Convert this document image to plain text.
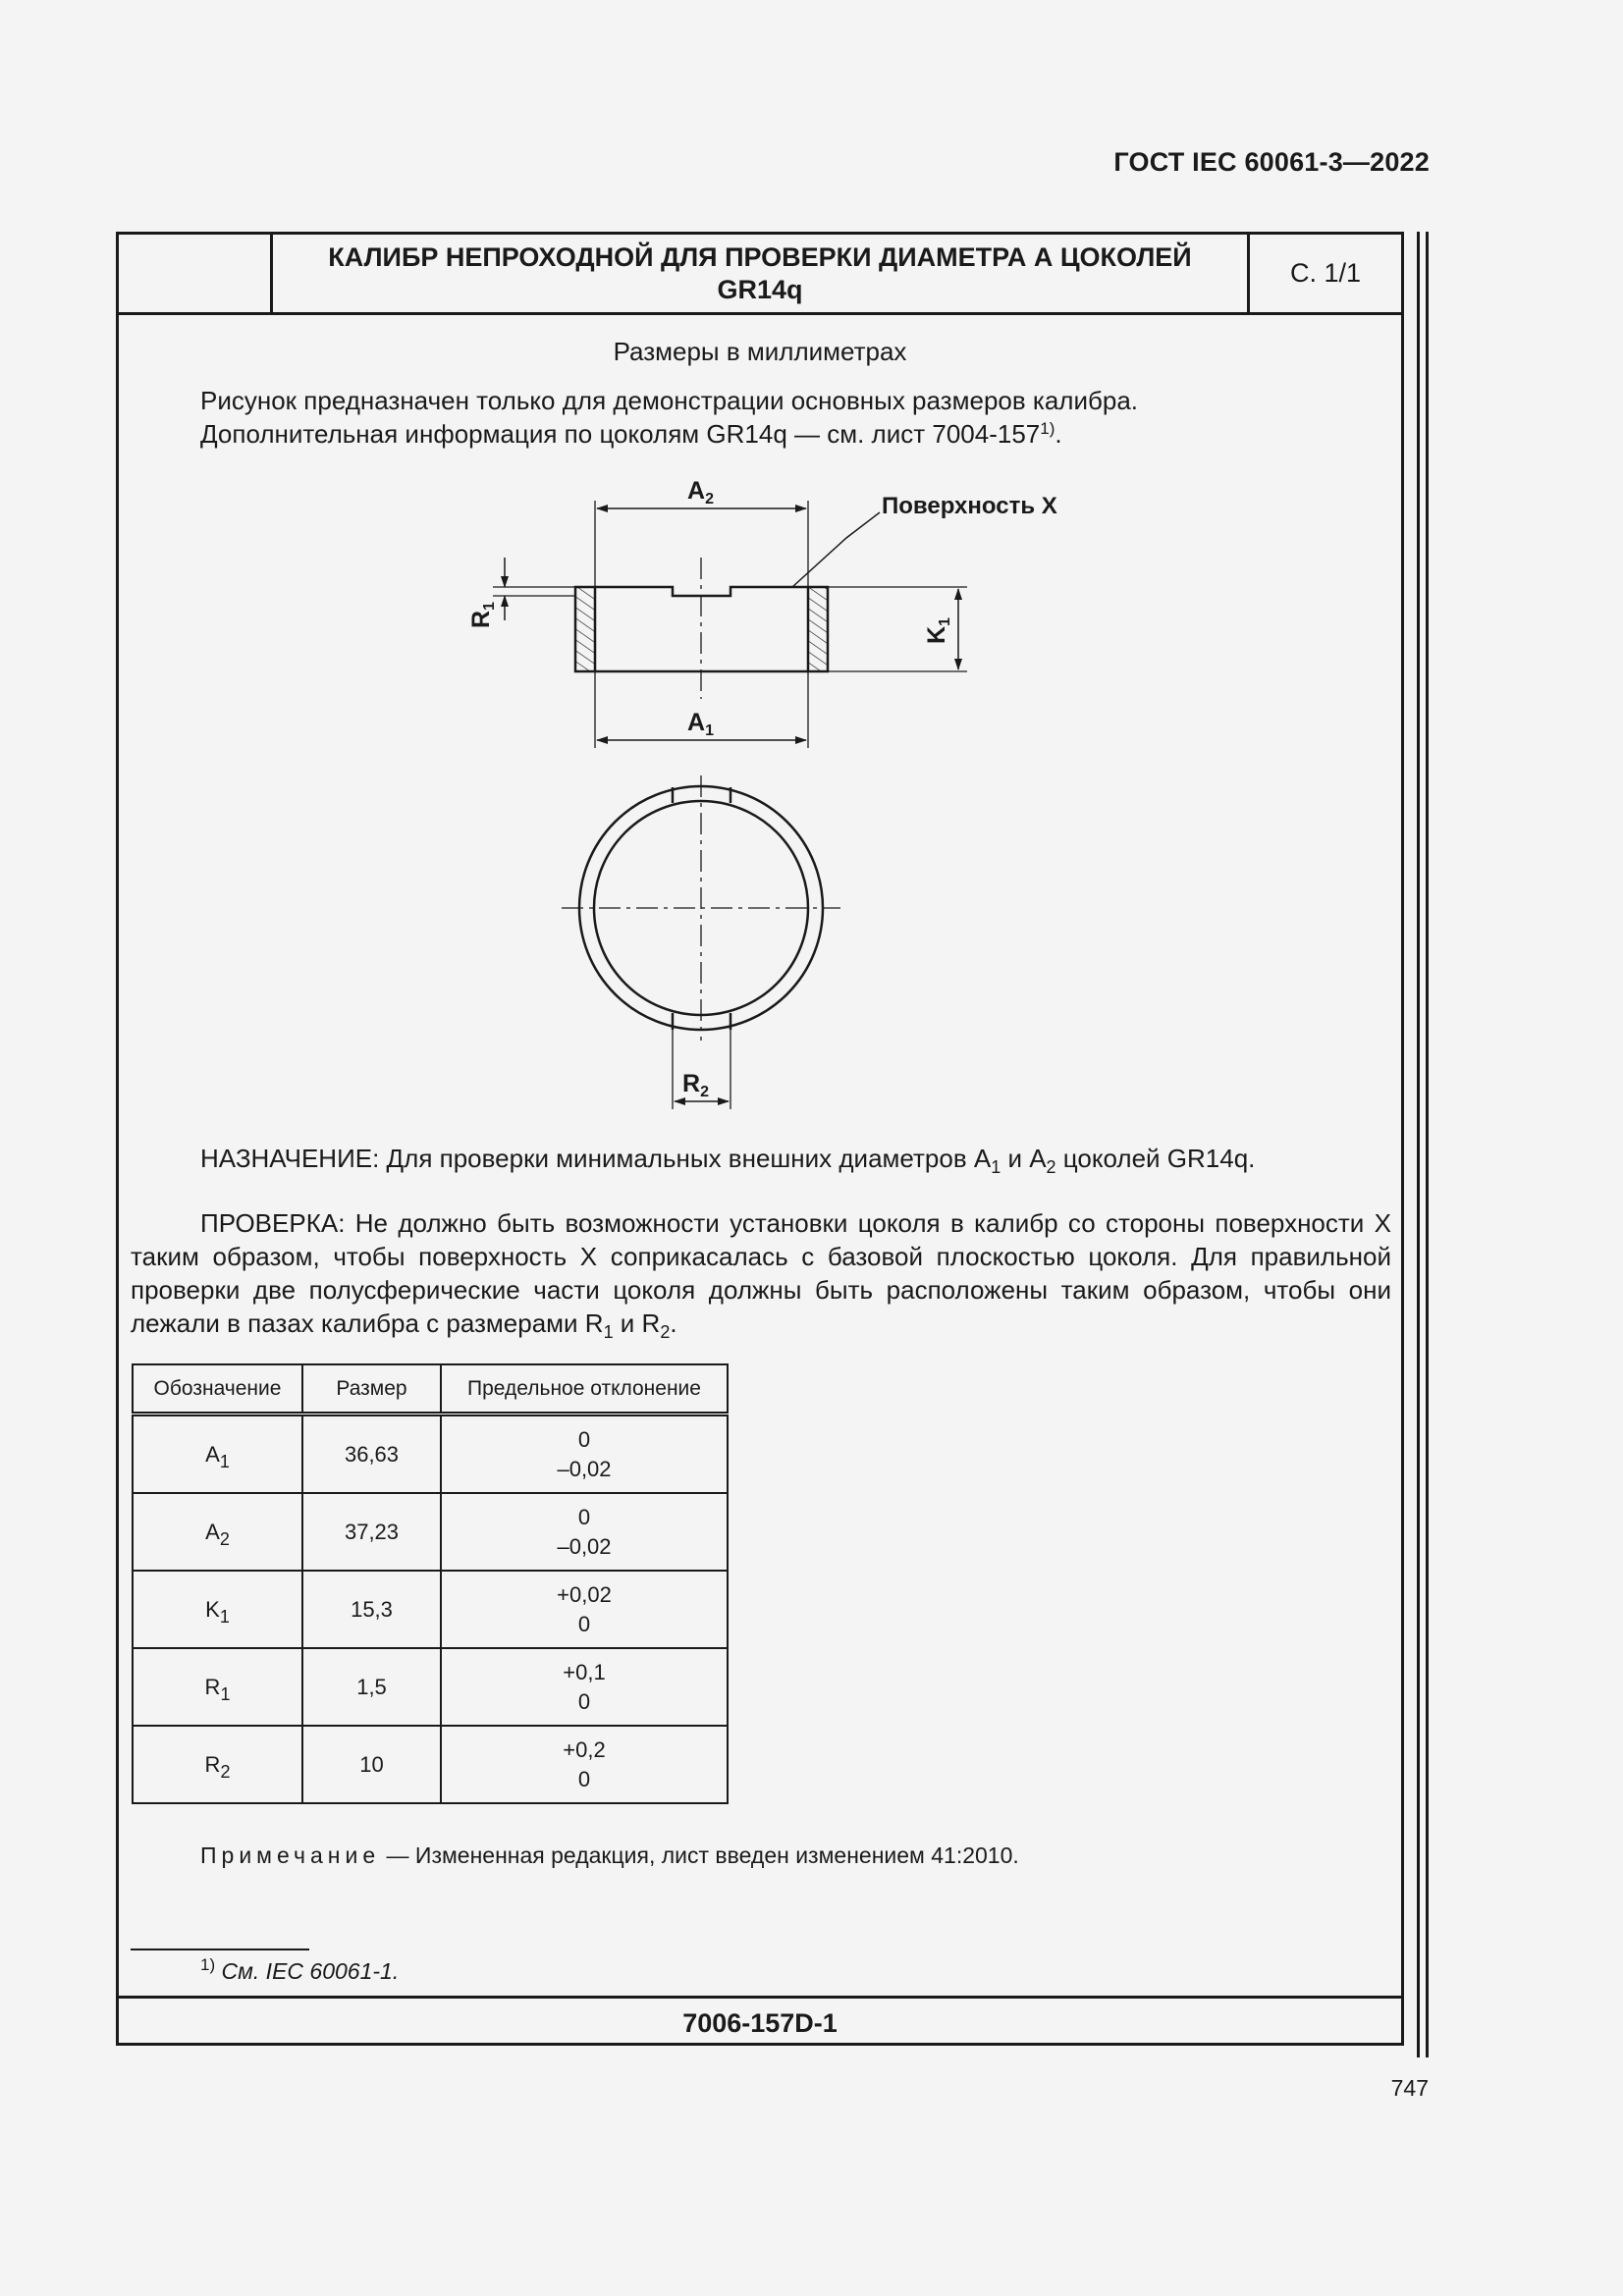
ГОСТ IEC 60061-3—2022
КАЛИБР НЕПРОХОДНОЙ ДЛЯ ПРОВЕРКИ ДИАМЕТРА А ЦОКОЛЕЙ
GR14q
С. 1/1
Размеры в миллиметрах
Рисунок предназначен только для демонстрации основных размеров калибра.
Дополнительная информация по цоколям GR14q — см. лист 7004-157$^{1)}$.
$A_2$
$A_1$
$R_2$
Поверхность X
$K_1$
$R_1$
НАЗНАЧЕНИЕ: Для проверки минимальных внешних диаметров $A_1$ и $A_2$ цоколей GR14q.
ПРОВЕРКА: Не должно быть возможности установки цоколя в калибр со стороны поверхности X таким образом, чтобы поверхность X соприкасалась с базовой плоскостью цоколя. Для правильной проверки две полусферические части цоколя должны быть расположены таким образом, чтобы они лежали в пазах калибра с размерами $R_1$ и $R_2$.
Обозначение	Размер	Предельное отклонение
$A_1$	36,63	0
–0,02

$A_2$	37,23	0
–0,02

$K_1$	15,3	+0,02
0

$R_1$	1,5	+0,1
0

$R_2$	10	+0,2
0
Примечание — Измененная редакция, лист введен изменением 41:2010.
$^{1)}$ См. IEC 60061-1.
7006-157D-1
747
